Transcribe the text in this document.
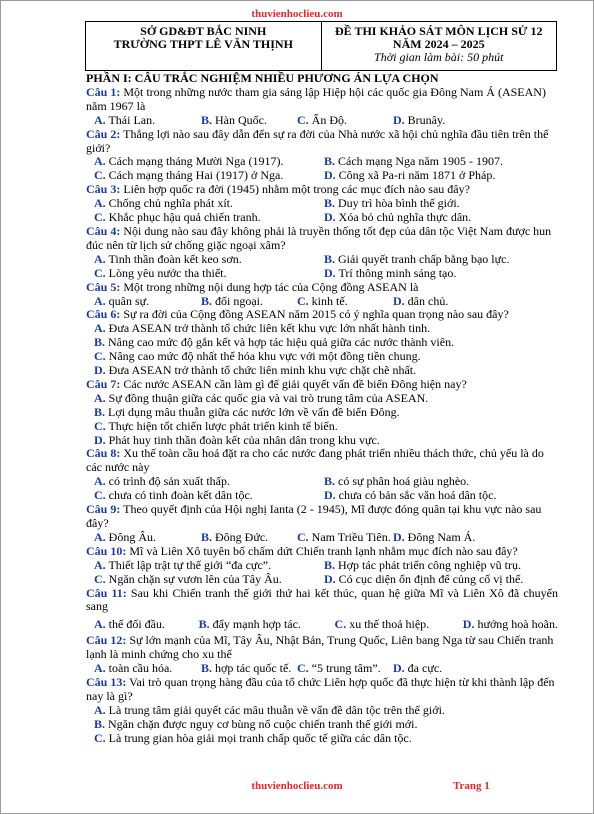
thuvienhoclieu.com
SỞ GD&ĐT BẮC NINH
TRƯỜNG THPT LÊ VĂN THỊNH
ĐỀ THI KHẢO SÁT MÔN LỊCH SỬ 12
NĂM 2024 – 2025
Thời gian làm bài: 50 phút
PHẦN I: CÂU TRẮC NGHIỆM NHIỀU PHƯƠNG ÁN LỰA CHỌN
Câu 1: Một trong những nước tham gia sáng lập Hiệp hội các quốc gia Đông Nam Á (ASEAN) năm 1967 là
A. Thái Lan.	B. Hàn Quốc.	C. Ấn Độ.	D. Brunây.
Câu 2: Thắng lợi nào sau đây dẫn đến sự ra đời của Nhà nước xã hội chủ nghĩa đầu tiên trên thế giới?
A. Cách mạng tháng Mười Nga (1917).	B. Cách mạng Nga năm 1905 - 1907.
C. Cách mạng tháng Hai (1917) ở Nga.	D. Công xã Pa-ri năm 1871 ở Pháp.
Câu 3: Liên hợp quốc ra đời (1945) nhằm một trong các mục đích nào sau đây?
A. Chống chủ nghĩa phát xít.	B. Duy trì hòa bình thế giới.
C. Khắc phục hậu quả chiến tranh.	D. Xóa bỏ chủ nghĩa thực dân.
Câu 4: Nội dung nào sau đây không phải là truyền thống tốt đẹp của dân tộc Việt Nam được hun đúc nên từ lịch sử chống giặc ngoại xâm?
A. Tinh thần đoàn kết keo sơn.	B. Giải quyết tranh chấp bằng bạo lực.
C. Lòng yêu nước tha thiết.	D. Trí thông minh sáng tạo.
Câu 5: Một trong những nội dung hợp tác của Cộng đồng ASEAN là
A. quân sự.	B. đối ngoại.	C. kinh tế.	D. dân chủ.
Câu 6: Sự ra đời của Cộng đồng ASEAN năm 2015 có ý nghĩa quan trọng nào sau đây?
A. Đưa ASEAN trở thành tổ chức liên kết khu vực lớn nhất hành tinh.
B. Nâng cao mức độ gắn kết và hợp tác hiệu quả giữa các nước thành viên.
C. Nâng cao mức độ nhất thể hóa khu vực với một đồng tiền chung.
D. Đưa ASEAN trở thành tổ chức liên minh khu vực chặt chẽ nhất.
Câu 7: Các nước ASEAN cần làm gì để giải quyết vấn đề biển Đông hiện nay?
A. Sự đồng thuận giữa các quốc gia và vai trò trung tâm của ASEAN.
B. Lợi dụng mâu thuẫn giữa các nước lớn về vấn đề biển Đông.
C. Thực hiện tốt chiến lược phát triển kinh tế biển.
D. Phát huy tinh thần đoàn kết của nhân dân trong khu vực.
Câu 8: Xu thế toàn cầu hoá đặt ra cho các nước đang phát triển nhiều thách thức, chủ yếu là do các nước này
A. có trình độ sản xuất thấp.	B. có sự phân hoá giàu nghèo.
C. chưa có tinh đoàn kết dân tộc.	D. chưa có bản sắc văn hoá dân tộc.
Câu 9: Theo quyết định của Hội nghị Ianta (2 - 1945), Mĩ được đóng quân tại khu vực nào sau đây?
A. Đông Âu.	B. Đông Đức.	C. Nam Triều Tiên. D. Đông Nam Á.
Câu 10: Mĩ và Liên Xô tuyên bố chấm dứt Chiến tranh lạnh nhằm mục đích nào sau đây?
A. Thiết lập trật tự thế giới “đa cực”.	B. Hợp tác phát triển công nghiệp vũ trụ.
C. Ngăn chặn sự vươn lên của Tây Âu.	D. Có cục diện ổn định để củng cố vị thế.
Câu 11: Sau khi Chiến tranh thế giới thứ hai kết thúc, quan hệ giữa Mĩ và Liên Xô đã chuyển sang
A. thế đối đầu.	B. đẩy mạnh hợp tác.	C. xu thế thoả hiệp.	D. hướng hoà hoãn.
Câu 12: Sự lớn mạnh của Mĩ, Tây Âu, Nhật Bản, Trung Quốc, Liên bang Nga từ sau Chiến tranh lạnh là minh chứng cho xu thế
A. toàn cầu hóa.	B. hợp tác quốc tế. C. “5 trung tâm”.	D. đa cực.
Câu 13: Vai trò quan trọng hàng đầu của tổ chức Liên hợp quốc đã thực hiện từ khi thành lập đến nay là gì?
A. Là trung tâm giải quyết các mâu thuẫn về vấn đề dân tộc trên thế giới.
B. Ngăn chặn được nguy cơ bùng nổ cuộc chiến tranh thế giới mới.
C. Là trung gian hòa giải mọi tranh chấp quốc tế giữa các dân tộc.
thuvienhoclieu.com	Trang 1
